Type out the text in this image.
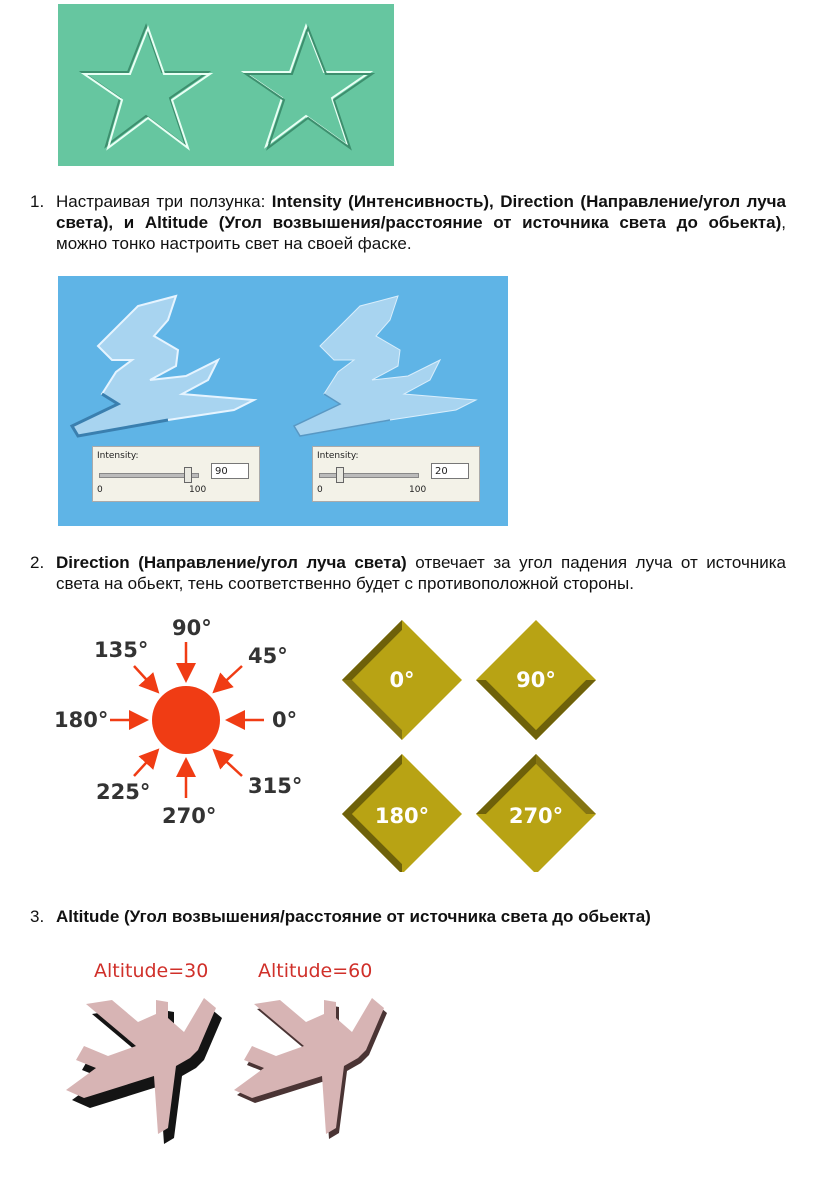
1. Настраивая три ползунка: Intensity (Интенсивность), Direction (Направление/угол луча света), и Altitude (Угол возвышения/расстояние от источника света до обьекта), можно тонко настроить свет на своей фаске.
Intensity:
0	100
90
Intensity:
0	100
20
2. Direction (Направление/угол луча света) отвечает за угол падения луча от источника света на обьект, тень соответственно будет с противоположной стороны.
90°
135°	45°
180°	0°
225°	315°
270°
0°	90°
180°	270°
3. Altitude (Угол возвышения/расстояние от источника света до обьекта)
Altitude=30	Altitude=60
